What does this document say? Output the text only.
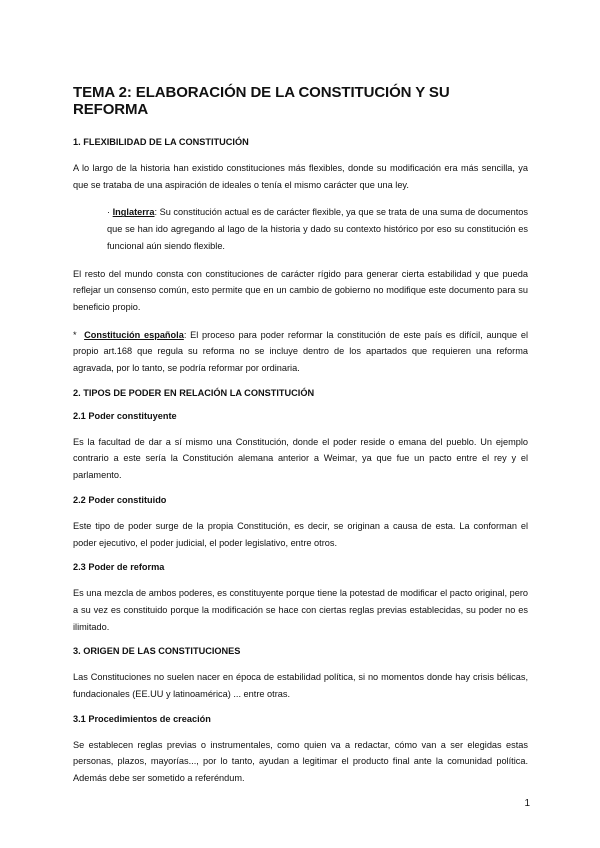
TEMA 2: ELABORACIÓN DE LA CONSTITUCIÓN Y SU REFORMA
1. FLEXIBILIDAD DE LA CONSTITUCIÓN

A lo largo de la historia han existido constituciones más flexibles, donde su modificación era más sencilla, ya que se trataba de una aspiración de ideales o tenía el mismo carácter que una ley.

· Inglaterra: Su constitución actual es de carácter flexible, ya que se trata de una suma de documentos que se han ido agregando al lago de la historia y dado su contexto histórico por eso su constitución es funcional aún siendo flexible.

El resto del mundo consta con constituciones de carácter rígido para generar cierta estabilidad y que pueda reflejar un consenso común, esto permite que en un cambio de gobierno no modifique este documento para su beneficio propio.

* Constitución española: El proceso para poder reformar la constitución de este país es difícil, aunque el propio art.168 que regula su reforma no se incluye dentro de los apartados que requieren una reforma agravada, por lo tanto, se podría reformar por ordinaria.

2. TIPOS DE PODER EN RELACIÓN LA CONSTITUCIÓN
2.1 Poder constituyente

Es la facultad de dar a sí mismo una Constitución, donde el poder reside o emana del pueblo. Un ejemplo contrario a este sería la Constitución alemana anterior a Weimar, ya que fue un pacto entre el rey y el parlamento.

2.2 Poder constituido

Este tipo de poder surge de la propia Constitución, es decir, se originan a causa de esta. La conforman el poder ejecutivo, el poder judicial, el poder legislativo, entre otros.

2.3 Poder de reforma

Es una mezcla de ambos poderes, es constituyente porque tiene la potestad de modificar el pacto original, pero a su vez es constituido porque la modificación se hace con ciertas reglas previas establecidas, su poder no es ilimitado.

3. ORIGEN DE LAS CONSTITUCIONES

Las Constituciones no suelen nacer en época de estabilidad política, si no momentos donde hay crisis bélicas, fundacionales (EE.UU y latinoamérica) ... entre otras.

3.1 Procedimientos de creación

Se establecen reglas previas o instrumentales, como quien va a redactar, cómo van a ser elegidas estas personas, plazos, mayorías..., por lo tanto, ayudan a legitimar el producto final ante la comunidad política. Además debe ser sometido a referéndum.

1
